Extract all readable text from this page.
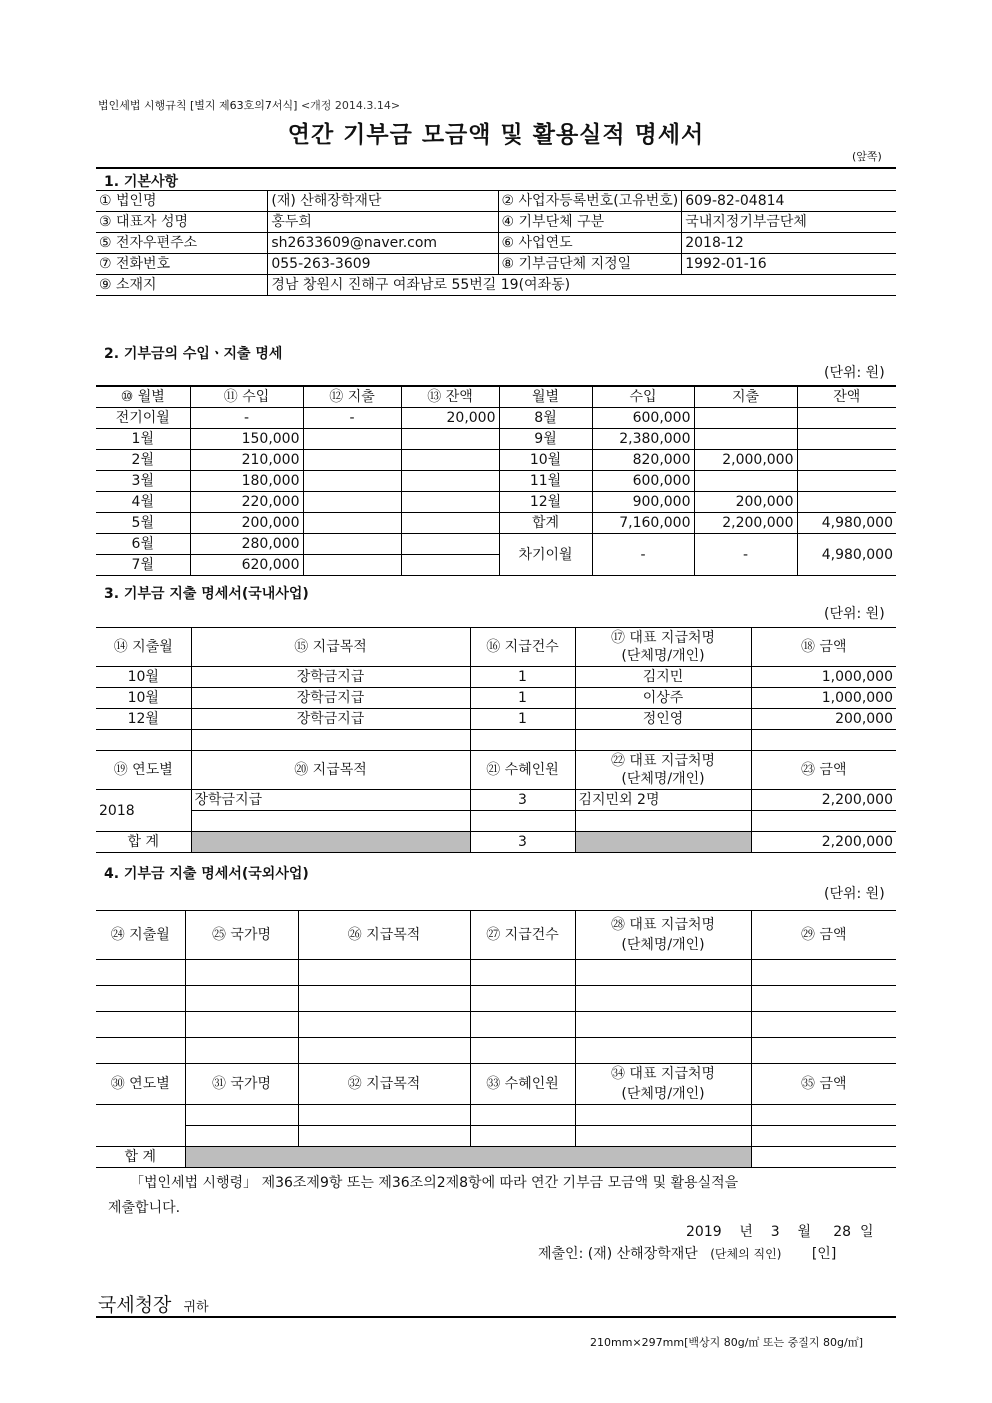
법인세법 시행규칙 [별지 제63호의7서식] <개정 2014.3.14>
연간 기부금 모금액 및 활용실적 명세서
(앞쪽)
1. 기본사항
① 법인명	(재) 산해장학재단	② 사업자등록번호(고유번호)	609-82-04814
③ 대표자 성명	홍두희	④ 기부단체 구분	국내지정기부금단체
⑤ 전자우편주소	sh2633609@naver.com	⑥ 사업연도	2018-12
⑦ 전화번호	055-263-3609	⑧ 기부금단체 지정일	1992-01-16
⑨ 소재지	경남 창원시 진해구 여좌남로 55번길 19(여좌동)		
2. 기부금의 수입ㆍ지출 명세
(단위: 원)
⑩ 월별	⑪ 수입	⑫ 지출	⑬ 잔액	월별	수입	지출	잔액
전기이월	-	-	20,000	8월	600,000		
1월	150,000			9월	2,380,000		
2월	210,000			10월	820,000	2,000,000	
3월	180,000			11월	600,000		
4월	220,000			12월	900,000	200,000	
5월	200,000			합계	7,160,000	2,200,000	4,980,000
6월	280,000			차기이월	-	-	4,980,000
7월	620,000						
3. 기부금 지출 명세서(국내사업)
(단위: 원)
⑭ 지출월	⑮ 지급목적	⑯ 지급건수	⑰ 대표 지급처명
(단체명/개인)	⑱ 금액
10월	장학금지급	1	김지민	1,000,000
10월	장학금지급	1	이상주	1,000,000
12월	장학금지급	1	정인영	200,000

⑲ 연도별	⑳ 지급목적	㉑ 수혜인원	㉒ 대표 지급처명
(단체명/개인)	㉓ 금액
2018	장학금지급	3	김지민외 2명	2,200,000

합 계		3		2,200,000
4. 기부금 지출 명세서(국외사업)
(단위: 원)
㉔ 지출월	㉕ 국가명	㉖ 지급목적	㉗ 지급건수	㉘ 대표 지급처명
(단체명/개인)	㉙ 금액

㉚ 연도별	㉛ 국가명	㉜ 지급목적	㉝ 수혜인원	㉞ 대표 지급처명
(단체명/개인)	㉟ 금액

합 계					
「법인세법 시행령」 제36조제9항 또는 제36조의2제8항에 따라 연간 기부금 모금액 및 활용실적을
제출합니다.
2019    년    3    월     28  일
제출인: (재) 산해장학재단 (단체의 직인) [인]
국세청장 귀하
210mm×297mm[백상지 80g/㎡ 또는 중질지 80g/㎡]
